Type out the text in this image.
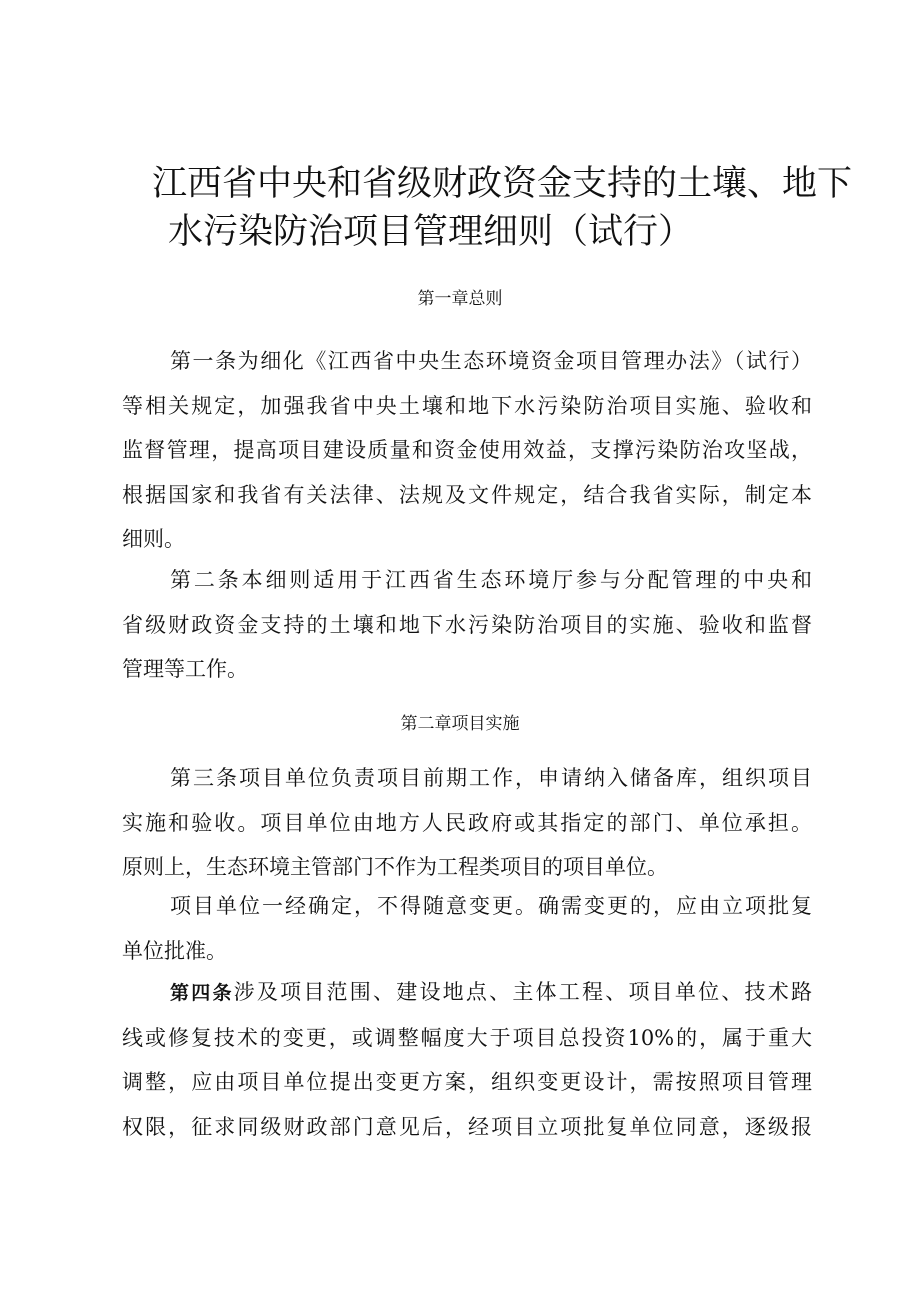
江西省中央和省级财政资金支持的土壤、地下
水污染防治项目管理细则（试行）
第一章总则

第一条为细化《江西省中央生态环境资金项目管理办法》（试行）
等相关规定，加强我省中央土壤和地下水污染防治项目实施、验收和
监督管理，提高项目建设质量和资金使用效益，支撑污染防治攻坚战，
根据国家和我省有关法律、法规及文件规定，结合我省实际，制定本
细则。

第二条本细则适用于江西省生态环境厅参与分配管理的中央和
省级财政资金支持的土壤和地下水污染防治项目的实施、验收和监督
管理等工作。

第二章项目实施

第三条项目单位负责项目前期工作，申请纳入储备库，组织项目
实施和验收。项目单位由地方人民政府或其指定的部门、单位承担。
原则上，生态环境主管部门不作为工程类项目的项目单位。

项目单位一经确定，不得随意变更。确需变更的，应由立项批复
单位批准。

第四条涉及项目范围、建设地点、主体工程、项目单位、技术路
线或修复技术的变更，或调整幅度大于项目总投资10%的，属于重大
调整，应由项目单位提出变更方案，组织变更设计，需按照项目管理
权限，征求同级财政部门意见后，经项目立项批复单位同意，逐级报
